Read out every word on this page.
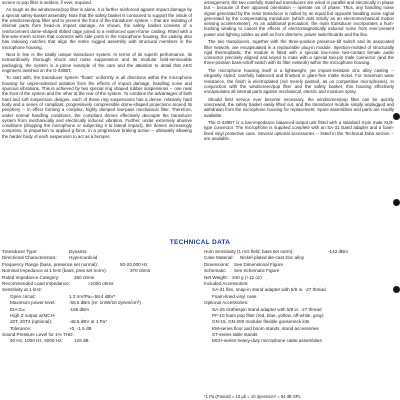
screen or pop filter is seldom, if ever, required.

As tough as the windscreen/pop filter is alone, it is further reinforced against impact damage by a special safety-basket assembly. Note that the safety basket is contoured to support the inside of the windscreen/pop filter and to prevent the front of the transducer system -- that are isolating of internal parts from head-on impact damage. As shown, the safety basket consists of a reinforcement dome-shaped ribbed cage joined to a reinforced open-frame casting. Fitted with a fine-wire-mesh screen that connects with side ports in the microphone housing, the casting also has indexing notches that align the entire rugged assembly with structural members in the microphone housing.

Next in line is the totally unique transducer system. In terms of its superb performance, its extraordinarily thorough shock and noise suppression and its modular field-serviceable packaging, the system is a prime example of the care and the attention to detail that AKG engineers lavished on the D-330BT.

To start with, the transducer system "floats" uniformly in all directions within the microphone housing for unprecedented isolation from the effects of impact damage, handling noise and spurious vibrations. This is achieved by two special ring shaped rubber suspensions -- one near the front of the system and the other at the rear of the system. To combine the advantages of both hard and soft suspension designs, each of these ring suspensions has a dense, relatively hard body and a series of compliant, progressively compressible dome-shaped projections around its periphery -- in effect forming a complex, highly damped low-pass mechanical filter. Therefore, under normal handling conditions, the compliant domes effectively decouple the transducer system from mechanically and electrically induced vibration. Further, under extremely abusive conditions (dropping the microphone or subjecting it to lateral impact), the domes increasingly compress, in proportion to applied g-force, in a progressive braking action -- ultimately allowing the harder body of each suspension to act as a bumper.

arrangement, the two carefully matched transducers are wired in parallel and electrically in phase but -- because of their opposed orientation -- operate out of phase. Thus, any handling noise signal generated by the main transducer is nulled by an equal but opposite handling noise signal generated by the compensating transducer (which acts strictly as an electromechanical motion sensing accelerometer). As an additional precaution, the main transducer incorporates a hum-bucking winding to cancel the effects of electromagnetically induced noise from ever-present power and lighting cables as well as from dimmers, power switchboards and the like.

The two transducers, together with the three-position presence-tilt switch and its associated filter network, are encapsulated in a replaceable plug-in module. Injection-molded of structurally rigid thermoplastic, the module is fitted with a special low-noise two-contact female audio connector precisely aligned and keyed to mate with a special two-pin male connector (and the three-position bass-rolloff switch with its filter network) within the microphone housing.

The microphone housing itself is a lightweight, yet impact-resistant zinc alloy casting -- elegantly styled, carefully balanced and finished in glare-free matte nickel. For maximum wear resistance, the finish is electroplated (not merely painted, as on competitive microphones). In conjunction with the windscreen/pop filter and the safety basket, this housing effectively encapsulates all internal parts against mechanical, electric and moisture spray.

Should field service ever become necessary, the windscreen/pop filter can be quickly unscrewed, the safety basket easily lifted out, and the transducer module simply unplugged and withdrawn from the microphone housing for replacement. Spare assemblies and parts are readily available.

The D-330BT is a low-impedance balanced-output unit fitted with a standard 3-pin male XLR-type connector. The microphone is supplied complete with an SA-31 stand adapter and a foam-lined vinyl protective case. Several optional accessories -- listed in the Technical Data section -- are available.

TECHNICAL DATA
Transducer Type:	Dynamic
Directional Characteristics:	Hypercardioid
Frequency Range (bass, presence set normal):	50-20,000 Hz
Nominal Impedance at 1 kHz (bass, pres set norm):	370 ohms
Rated Impedance Category:	250 ohms
Recommended Load Impedance:	>1000 ohms
Sensitivity at 1 kHz:
Open circuit:	1.3 mV/Pa=-58.4 dBV*
Maximum power level:	-58.5 dBm (re: 1mW/10 dynes/cm²)
EIA Gₘ:	-156 dBm
High Z output w/MCH-
20T, 20T3 (optional):	-48.5 dBV at 1 Pa*
Tolerance:	+0, -1.5 dB
Sound Pressure Level for 1% THD:
40 Hz, 1000 Hz, 5000 Hz: 128 dB
Hum Sensitivity (1 mG field; bass set norm):	-143 dBm
Case Material: Nickel-plated die-cast zinc alloy
Dimensions: See Dimensional Figure
Schematic: See Schematic Figure
Net Weight: 340 g (+12 oz)
Included Accessories:
SA-31 flex, snap-in stand adapter with 5/8 in. -27 thread
Foam-lined vinyl case
Optional Accessories:
SA-26 clothespin stand adapter with 5/8 in. -27 thread
PF-10 foam pop filter (red, blue, yellow, off-white, gray)
GN-15, GN-200 modular flexible gooseneck kits
KM-series floor and boom stands, stand accessories
ST-series table stands
MCH-series heavy-duty microphone cable assemblies
*1 Pa (Pascal) = 10 μb = 10 dynes/cm² = 94 dB SPL
